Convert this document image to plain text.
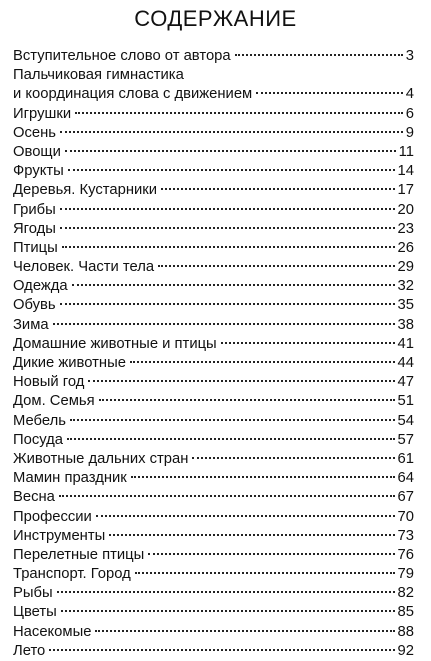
СОДЕРЖАНИЕ
Вступительное слово от автора	3
Пальчиковая гимнастика
и координация слова с движением	4
Игрушки	6
Осень	9
Овощи	11
Фрукты	14
Деревья. Кустарники	17
Грибы	20
Ягоды	23
Птицы	26
Человек. Части тела	29
Одежда	32
Обувь	35
Зима	38
Домашние животные и птицы	41
Дикие животные	44
Новый год	47
Дом. Семья	51
Мебель	54
Посуда	57
Животные дальних стран	61
Мамин праздник	64
Весна	67
Профессии	70
Инструменты	73
Перелетные птицы	76
Транспорт. Город	79
Рыбы	82
Цветы	85
Насекомые	88
Лето	92
